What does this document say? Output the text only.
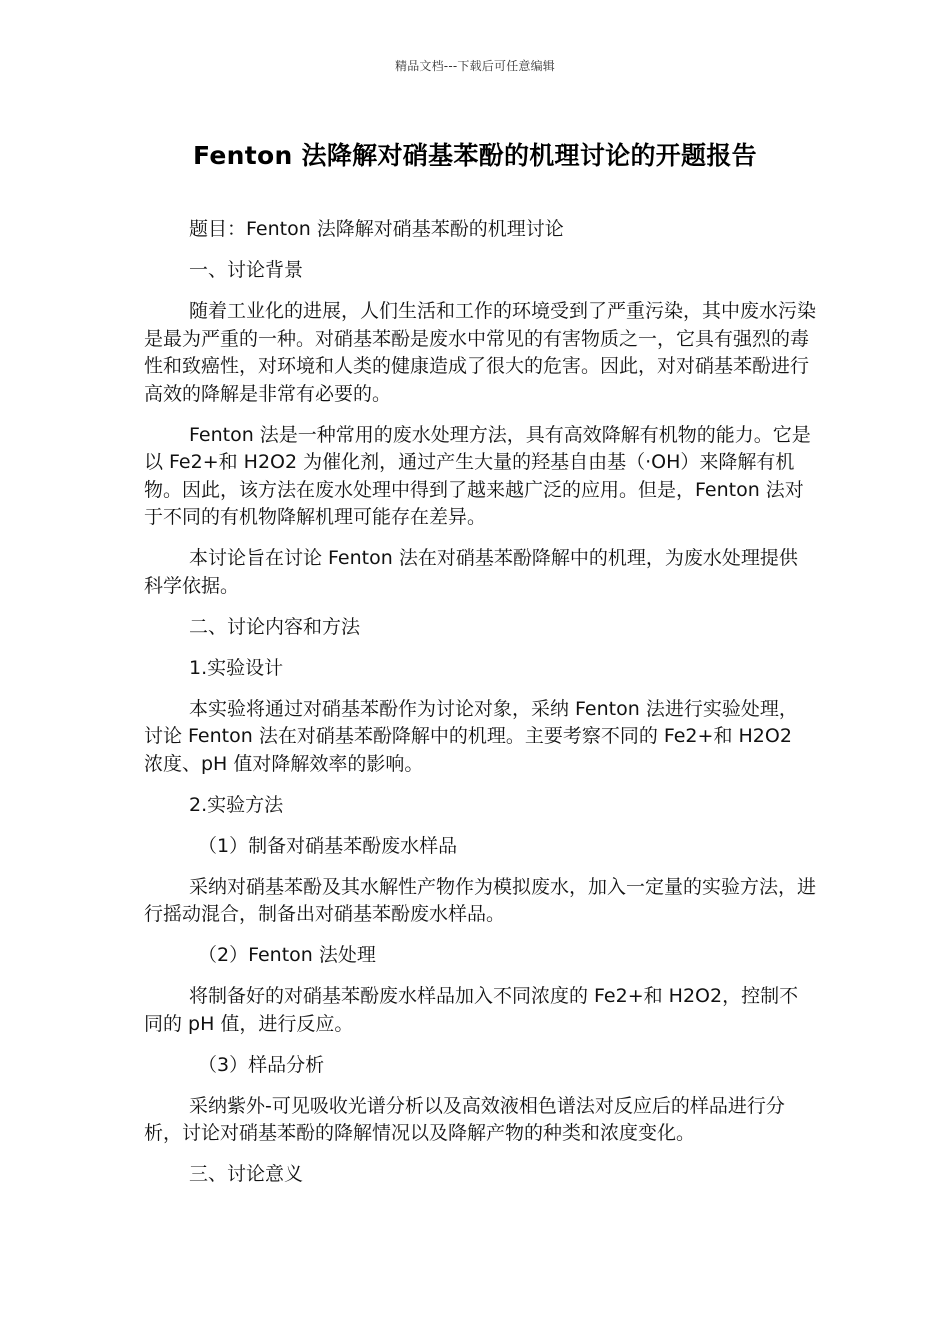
精品文档---下载后可任意编辑
Fenton 法降解对硝基苯酚的机理讨论的开题报告

题目：Fenton 法降解对硝基苯酚的机理讨论

一、讨论背景

随着工业化的进展，人们生活和工作的环境受到了严重污染，其中废水污染是最为严重的一种。对硝基苯酚是废水中常见的有害物质之一，它具有强烈的毒性和致癌性，对环境和人类的健康造成了很大的危害。因此，对对硝基苯酚进行高效的降解是非常有必要的。

Fenton 法是一种常用的废水处理方法，具有高效降解有机物的能力。它是以 Fe2+和 H2O2 为催化剂，通过产生大量的羟基自由基（·OH）来降解有机物。因此，该方法在废水处理中得到了越来越广泛的应用。但是，Fenton 法对于不同的有机物降解机理可能存在差异。

本讨论旨在讨论 Fenton 法在对硝基苯酚降解中的机理，为废水处理提供科学依据。

二、讨论内容和方法

1.实验设计

本实验将通过对硝基苯酚作为讨论对象，采纳 Fenton 法进行实验处理，讨论 Fenton 法在对硝基苯酚降解中的机理。主要考察不同的 Fe2+和 H2O2 浓度、pH 值对降解效率的影响。

2.实验方法

（1）制备对硝基苯酚废水样品

采纳对硝基苯酚及其水解性产物作为模拟废水，加入一定量的实验方法，进行摇动混合，制备出对硝基苯酚废水样品。

（2）Fenton 法处理

将制备好的对硝基苯酚废水样品加入不同浓度的 Fe2+和 H2O2，控制不同的 pH 值，进行反应。

（3）样品分析

采纳紫外-可见吸收光谱分析以及高效液相色谱法对反应后的样品进行分析，讨论对硝基苯酚的降解情况以及降解产物的种类和浓度变化。

三、讨论意义
